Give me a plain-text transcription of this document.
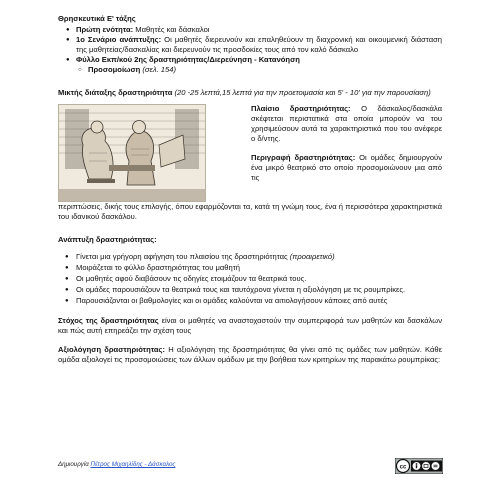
Θρησκευτικά Ε' τάξης

● Πρώτη ενότητα: Μαθητές και δάσκαλοι
● 1ο Σενάριο ανάπτυξης: Οι μαθητές διερευνούν και επαληθεύουν τη διαχρονική και οικουμενική διάσταση της μαθητείας/δασκαλίας και διερευνούν τις προσδοκίες τους από τον καλό δάσκαλο
● Φύλλο Εκπ/κού 2ης δραστηριότητας/Διερεύνηση - Κατανόηση
○ Προσομοίωση (σελ. 154)

Μικτής διάταξης δραστηριότητα (20 -25 λεπτά,15 λεπτά για την προετοιμασία και 5' - 10' για την παρουσίαση)

Πλαίσιο δραστηριότητας: Ο δάσκαλος/δασκάλα σκέφτεται περιστατικά στα οποία μπορούν να του χρησιμεύσουν αυτά τα χαρακτηριστικά που του ανέφερε ο δ/ντης.

Περιγραφή δραστηριότητας: Οι ομάδες δημιουργούν ένα μικρό θεατρικό στο οποίο προσομοιώνουν μια από τις

περιπτώσεις, δικής τους επιλογής, όπου εφαρμόζονται τα, κατά τη γνώμη τους, ένα ή περισσότερα χαρακτηριστικά του ιδανικού δασκάλου.

Ανάπτυξη δραστηριότητας:

● Γίνεται μια γρήγορη αφήγηση του πλαισίου της δραστηριότητας (προαιρετικό)
● Μοιράζεται το φύλλο δραστηριότητας του μαθητή
● Οι μαθητές αφού διαβάσουν τις οδηγίες ετοιμάζουν τα θεατρικά τους.
● Οι ομάδες παρουσιάζουν τα θεατρικά τους και ταυτόχρονα γίνεται η αξιολόγηση με τις ρουμπρίκες.
● Παρουσιάζονται οι βαθμολογίες και οι ομάδες καλούνται να αιτιολογήσουν κάποιες από αυτές

Στόχος της δραστηριότητας είναι οι μαθητές να αναστοχαστούν την συμπεριφορά των μαθητών και δασκάλων και πώς αυτή επηρεάζει την σχέση τους

Αξιολόγηση δραστηριότητας: Η αξιολόγηση της δραστηριότητας θα γίνει από τις ομάδες των μαθητών. Κάθε ομάδα αξιολογεί τις προσομοιώσεις των άλλων ομάδων με την βοήθεια των κριτηρίων της παρακάτω ρουμπρίκας:

Δημιουργία Πέτρος Μιχαηλίδης - Δάσκαλος	cc
